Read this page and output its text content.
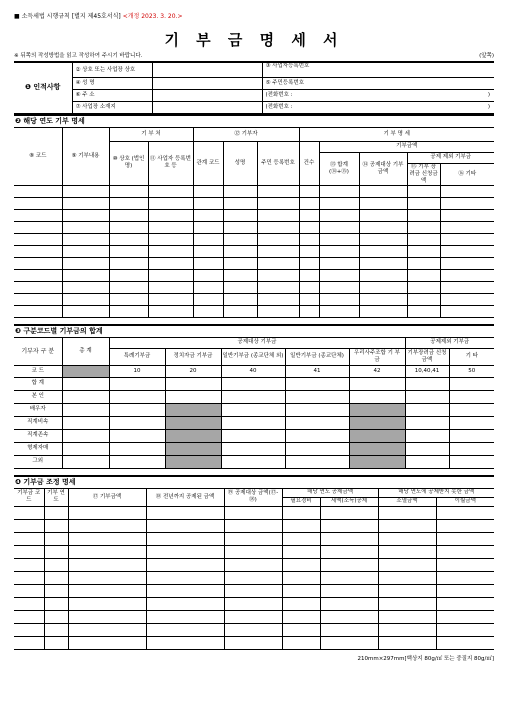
■ 소득세법 시행규칙 [별지 제45호서식] <개정 2023. 3. 20.>
기 부 금 명 세 서
※ 뒤쪽의 작성방법을 읽고 작성하여 주시기 바랍니다.	(앞쪽)
❶ 인적사항	② 상호 또는 사업장 상호		③ 사업자등록번호
	④ 성 명		⑤ 주민등록번호
	⑥ 주 소		(전화번호 : )

	⑦ 사업장 소재지		(전화번호 : )
❷ 해당 연도 기부 명세
⑧ 코드	⑨ 기부내용	기 부 처		⑫ 기부자			기 부 명 세				
		⑩ 상호 (법인명)	⑪ 사업자 등록번호 등	관계 코드	성명	주민 등록번호	건수	기부금액			
								⑬ 합계 (⑭+⑮)	⑭ 공제대상 기부금액	공제 제외 기부금	
										⑮ 기부 장려금 신청금액	⑯ 기타

❸ 구분코드별 기부금의 합계
기부자 구 분	총 계	공제대상 기부금					공제제외 기부금	
		특례기부금	정치자금 기부금	일반기부금 (종교단체 외)	일반기부금 (종교단체)	우리사주조합 기 부 금	기부장려금 신청금액	기 타
코 드		10	20	40	41	42	10,40,41	50
합 계								
본 인								
배우자								
직계비속								
직계존속								
형제자매								
그외								
❹ 기부금 조정 명세
기부금 코드	기부 연도	⑰ 기부금액	⑱ 전년까지 공제된 금액	⑲ 공제대상 금액(⑰-⑱)	해당 연도 공제금액		해당 연도에 공제받지 못한 금액	
					필요경비	세액(소득)공제	소멸금액	이월금액

210mm×297mm[백상지 80g/㎡ 또는 중질지 80g/㎡]
